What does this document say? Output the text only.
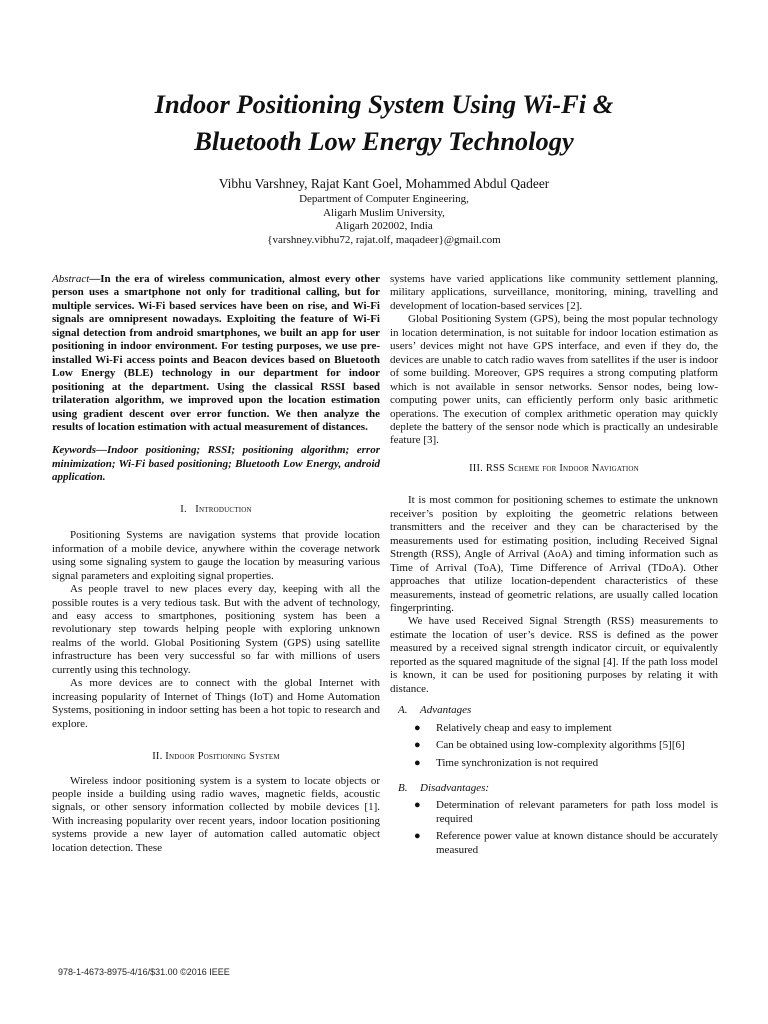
Indoor Positioning System Using Wi-Fi &
Bluetooth Low Energy Technology
Vibhu Varshney, Rajat Kant Goel, Mohammed Abdul Qadeer
Department of Computer Engineering,
Aligarh Muslim University,
Aligarh 202002, India
{varshney.vibhu72, rajat.olf, maqadeer}@gmail.com

Abstract—In the era of wireless communication, almost every other person uses a smartphone not only for traditional calling, but for multiple services. Wi-Fi based services have been on rise, and Wi-Fi signals are omnipresent nowadays. Exploiting the feature of Wi-Fi signal detection from android smartphones, we built an app for user positioning in indoor environment. For testing purposes, we use pre-installed Wi-Fi access points and Beacon devices based on Bluetooth Low Energy (BLE) technology in our department for indoor positioning at the department. Using the classical RSSI based trilateration algorithm, we improved upon the location estimation using gradient descent over error function. We then analyze the results of location estimation with actual measurement of distances.

Keywords—Indoor positioning; RSSI; positioning algorithm; error minimization; Wi-Fi based positioning; Bluetooth Low Energy, android application.

I. Introduction

Positioning Systems are navigation systems that provide location information of a mobile device, anywhere within the coverage network using some signaling system to gauge the location by measuring various signal parameters and exploiting signal properties.

As people travel to new places every day, keeping with all the possible routes is a very tedious task. But with the advent of technology, and easy access to smartphones, positioning system has been a revolutionary step towards helping people with exploring unknown realms of the world. Global Positioning System (GPS) using satellite infrastructure has been very successful so far with millions of users currently using this technology.

As more devices are to connect with the global Internet with increasing popularity of Internet of Things (IoT) and Home Automation Systems, positioning in indoor setting has been a hot topic to research and explore.

II. Indoor Positioning System

Wireless indoor positioning system is a system to locate objects or people inside a building using radio waves, magnetic fields, acoustic signals, or other sensory information collected by mobile devices [1]. With increasing popularity over recent years, indoor location positioning systems provide a new layer of automation called automatic object location detection. These

systems have varied applications like community settlement planning, military applications, surveillance, monitoring, mining, travelling and development of location-based services [2].

Global Positioning System (GPS), being the most popular technology in location determination, is not suitable for indoor location estimation as users’ devices might not have GPS interface, and even if they do, the devices are unable to catch radio waves from satellites if the user is indoor of some building. Moreover, GPS requires a strong computing platform which is not available in sensor networks. Sensor nodes, being low-computing power units, can efficiently perform only basic arithmetic operations. The execution of complex arithmetic operation may quickly deplete the battery of the sensor node which is practically an undesirable feature [3].

III. RSS Scheme for Indoor Navigation

It is most common for positioning schemes to estimate the unknown receiver’s position by exploiting the geometric relations between transmitters and the receiver and they can be characterised by the measurements used for estimating position, including Received Signal Strength (RSS), Angle of Arrival (AoA) and timing information such as Time of Arrival (ToA), Time Difference of Arrival (TDoA). Other approaches that utilize location-dependent characteristics of these measurements, instead of geometric relations, are usually called location fingerprinting.

We have used Received Signal Strength (RSS) measurements to estimate the location of user’s device. RSS is defined as the power measured by a received signal strength indicator circuit, or equivalently reported as the squared magnitude of the signal [4]. If the path loss model is known, it can be used for positioning purposes by relating it with distance.

A. Advantages

● Relatively cheap and easy to implement
● Can be obtained using low-complexity algorithms [5][6]
● Time synchronization is not required

B. Disadvantages:

● Determination of relevant parameters for path loss model is required
● Reference power value at known distance should be accurately measured
978-1-4673-8975-4/16/$31.00 ©2016 IEEE
